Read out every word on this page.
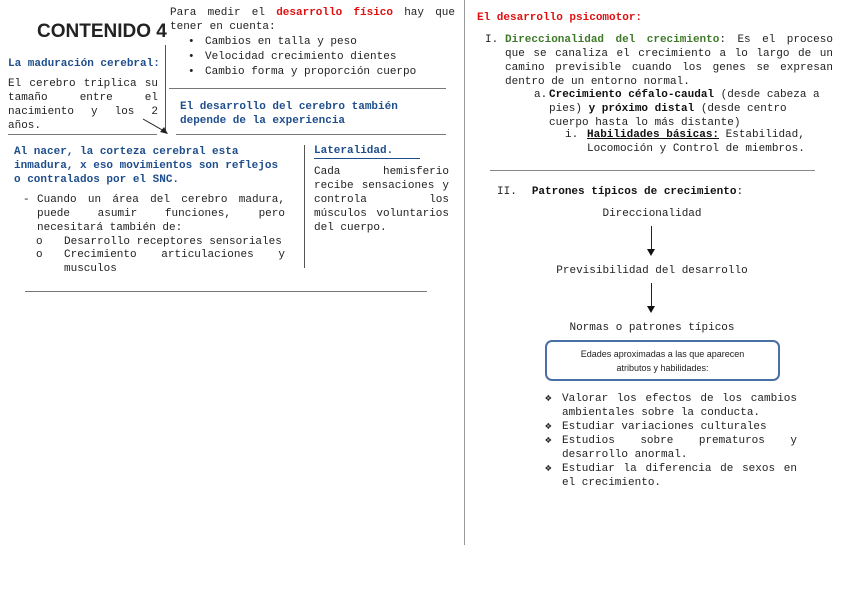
CONTENIDO 4
Para medir el desarrollo físico hay que tener en cuenta:
• Cambios en talla y peso
• Velocidad crecimiento dientes
• Cambio forma y proporción cuerpo
La maduración cerebral:
El cerebro triplica su tamaño entre el nacimiento y los 2 años.
El desarrollo del cerebro también depende de la experiencia
Al nacer, la corteza cerebral esta inmadura, x eso movimientos son reflejos o contralados por el SNC.
- Cuando un área del cerebro madura, puede asumir funciones, pero necesitará también de:
o Desarrollo receptores sensoriales
o Crecimiento articulaciones y musculos
Lateralidad.
Cada hemisferio recibe sensaciones y controla los músculos voluntarios del cuerpo.
El desarrollo psicomotor:
I. Direccionalidad del crecimiento: Es el proceso que se canaliza el crecimiento a lo largo de un camino previsible cuando los genes se expresan dentro de un entorno normal.
a. Crecimiento céfalo-caudal (desde cabeza a pies) y próximo distal (desde centro cuerpo hasta lo más distante)
i. Habilidades básicas: Estabilidad, Locomoción y Control de miembros.
II. Patrones típicos de crecimiento:
Direccionalidad
Previsibilidad del desarrollo
Normas o patrones típicos
Edades aproximadas a las que aparecen atributos y habilidades:
❖ Valorar los efectos de los cambios ambientales sobre la conducta.
❖ Estudiar variaciones culturales
❖ Estudios sobre prematuros y desarrollo anormal.
❖ Estudiar la diferencia de sexos en el crecimiento.
